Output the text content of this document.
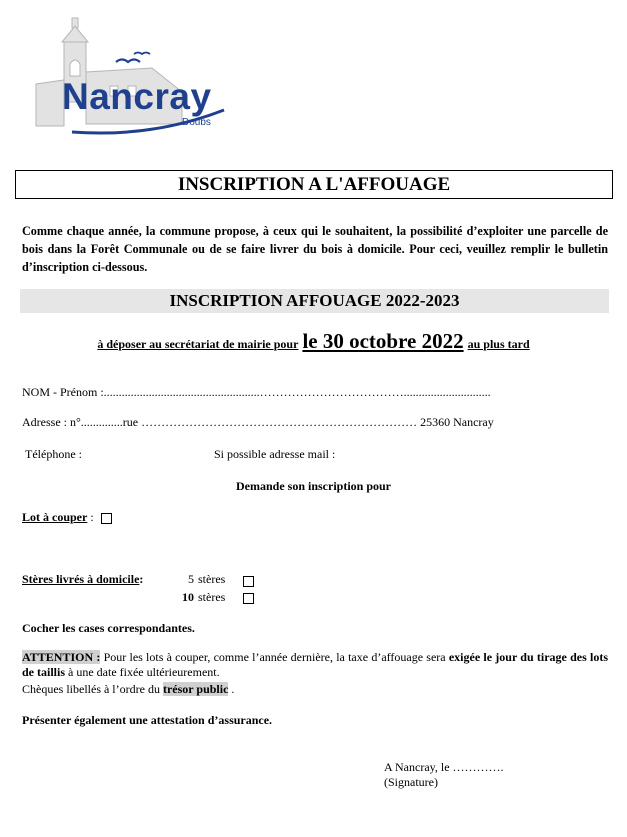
Nancray
Doubs
INSCRIPTION A L'AFFOUAGE
Comme chaque année, la commune propose, à ceux qui le souhaitent, la possibilité d’exploiter une parcelle de bois dans la Forêt Communale ou de se faire livrer du bois à domicile. Pour ceci, veuillez remplir le bulletin d’inscription ci-dessous.
INSCRIPTION AFFOUAGE 2022-2023
à déposer au secrétariat de mairie pour le 30 octobre 2022 au plus tard
NOM - Prénom :....................................................……………………………….............................
Adresse : n°..............rue …………………………………………………………… 25360 Nancray
Téléphone :	Si possible adresse mail :
Demande son inscription pour
Lot à couper :
Stères livrés à domicile:	5 stères
10 stères
Cocher les cases correspondantes.
ATTENTION : Pour les lots à couper, comme l’année dernière, la taxe d’affouage sera exigée le jour du tirage des lots de taillis à une date fixée ultérieurement.
Chèques libellés à l’ordre du trésor public .
Présenter également une attestation d’assurance.
A Nancray, le ………….
(Signature)
